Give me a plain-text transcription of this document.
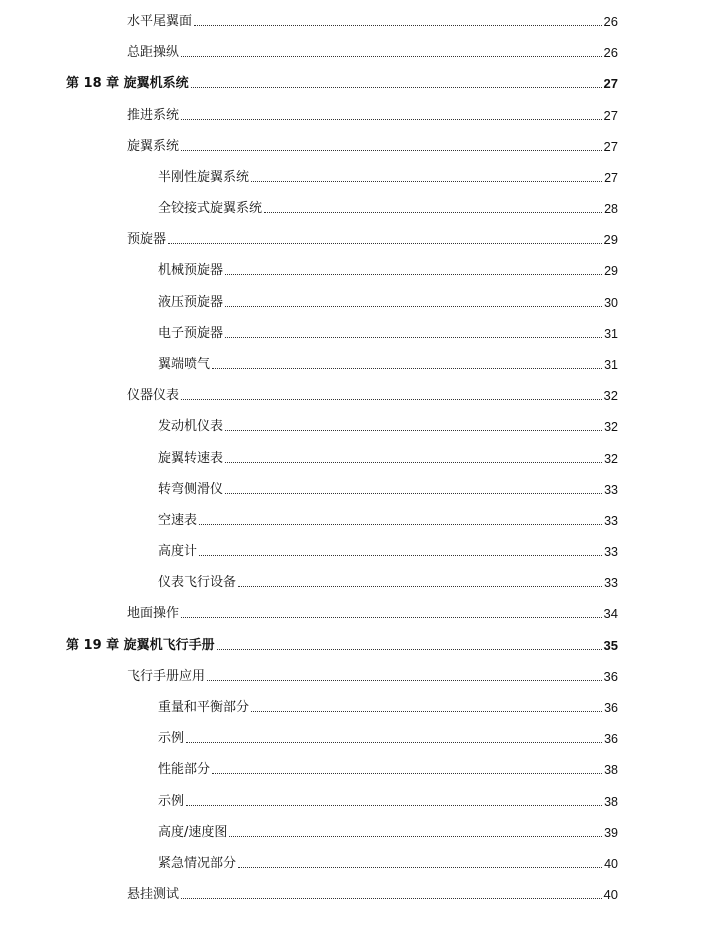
水平尾翼面	26
总距操纵	26
第 18 章 旋翼机系统	27
推进系统	27
旋翼系统	27
半刚性旋翼系统	27
全铰接式旋翼系统	28
预旋器	29
机械预旋器	29
液压预旋器	30
电子预旋器	31
翼端喷气	31
仪器仪表	32
发动机仪表	32
旋翼转速表	32
转弯侧滑仪	33
空速表	33
高度计	33
仪表飞行设备	33
地面操作	34
第 19 章 旋翼机飞行手册	35
飞行手册应用	36
重量和平衡部分	36
示例	36
性能部分	38
示例	38
高度/速度图	39
紧急情况部分	40
悬挂测试	40
